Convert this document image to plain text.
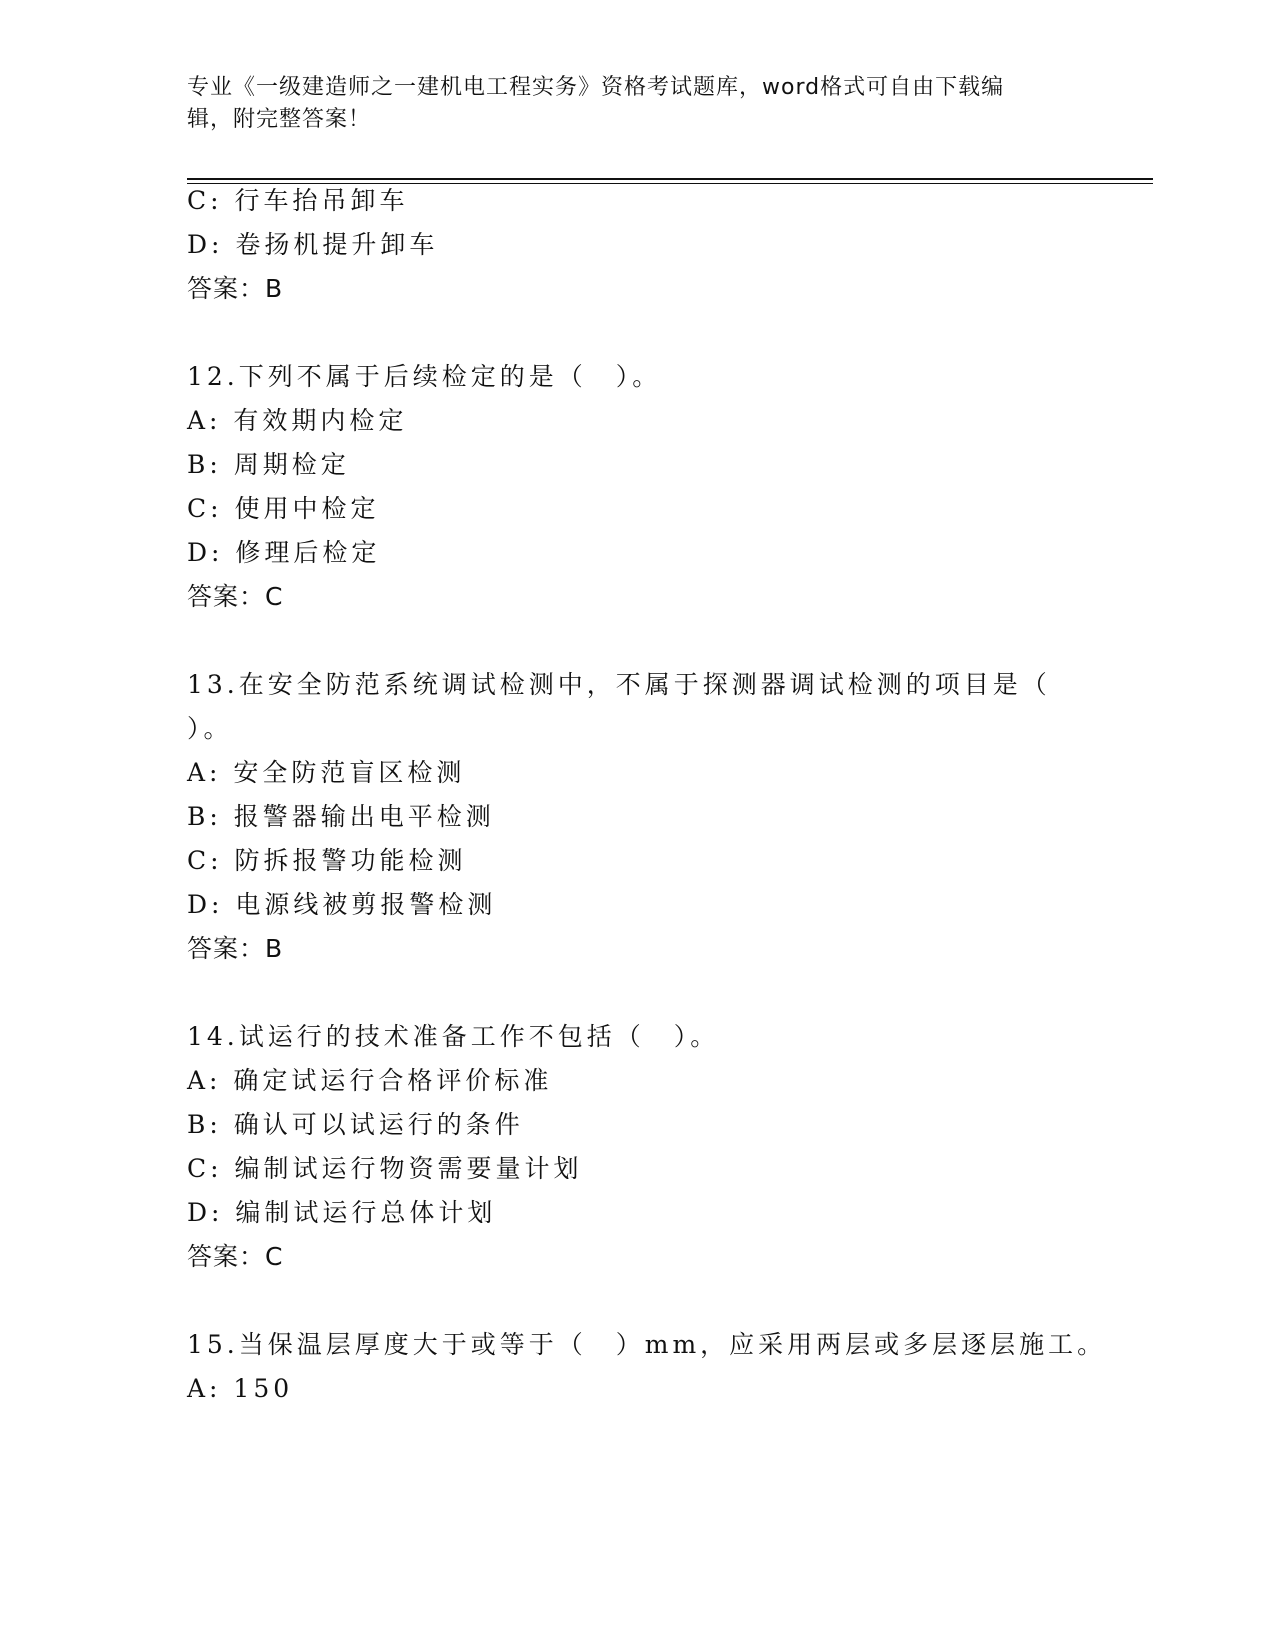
专业《一级建造师之一建机电工程实务》资格考试题库，word格式可自由下载编
辑，附完整答案！
C: 行车抬吊卸车
D: 卷扬机提升卸车
答案：B
12.下列不属于后续检定的是（　）。
A: 有效期内检定
B: 周期检定
C: 使用中检定
D: 修理后检定
答案：C
13.在安全防范系统调试检测中，不属于探测器调试检测的项目是（
）。
A: 安全防范盲区检测
B: 报警器输出电平检测
C: 防拆报警功能检测
D: 电源线被剪报警检测
答案：B
14.试运行的技术准备工作不包括（　）。
A: 确定试运行合格评价标准
B: 确认可以试运行的条件
C: 编制试运行物资需要量计划
D: 编制试运行总体计划
答案：C
15.当保温层厚度大于或等于（　）mm，应采用两层或多层逐层施工。
A: 150
